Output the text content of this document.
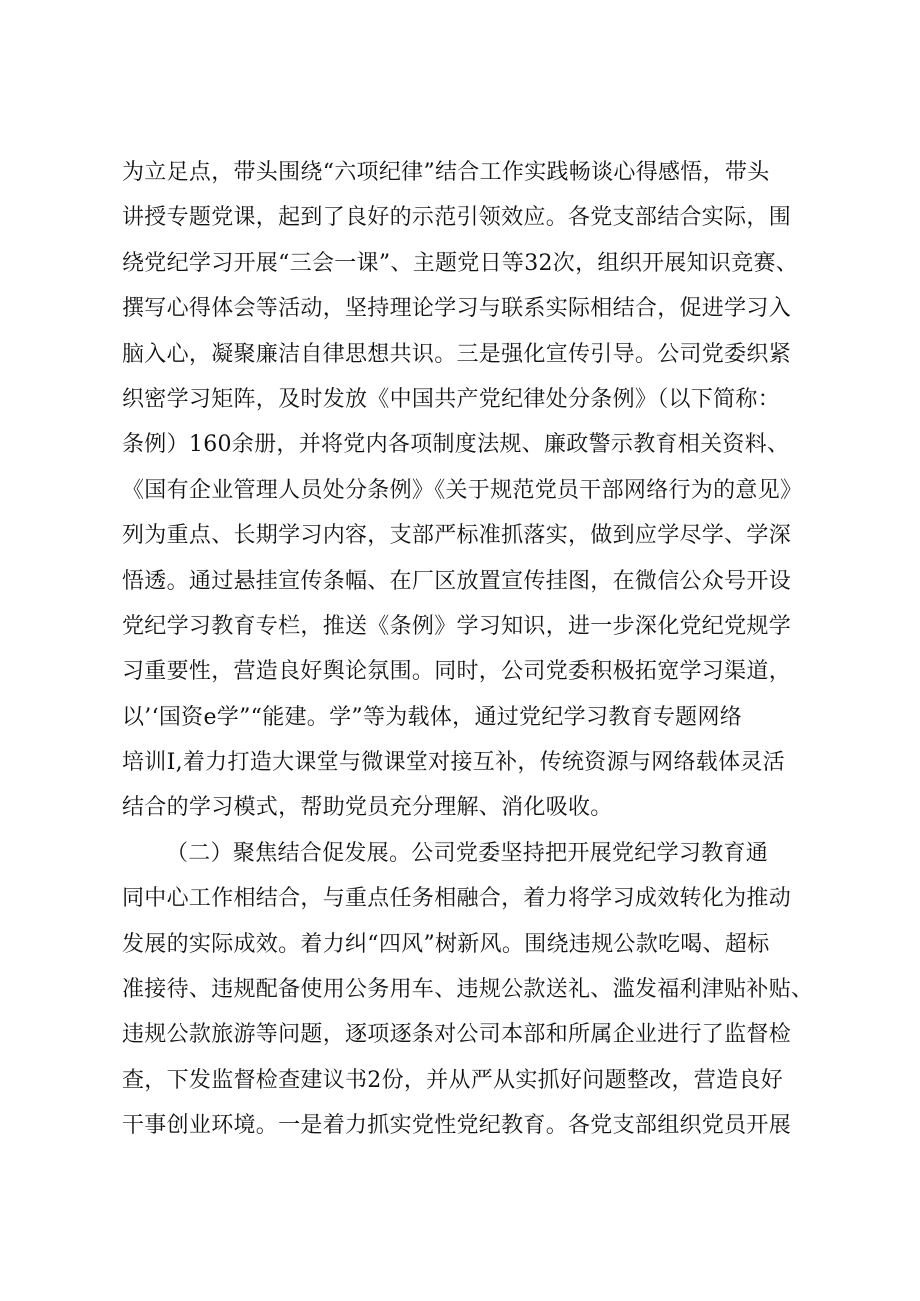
为立足点，带头围绕“六项纪律”结合工作实践畅谈心得感悟，带头
讲授专题党课，起到了良好的示范引领效应。各党支部结合实际，围
绕党纪学习开展“三会一课”、主题党日等32次，组织开展知识竞赛、
撰写心得体会等活动，坚持理论学习与联系实际相结合，促进学习入
脑入心，凝聚廉洁自律思想共识。三是强化宣传引导。公司党委织紧
织密学习矩阵，及时发放《中国共产党纪律处分条例》（以下简称：
条例）160余册，并将党内各项制度法规、廉政警示教育相关资料、
《国有企业管理人员处分条例》《关于规范党员干部网络行为的意见》
列为重点、长期学习内容，支部严标准抓落实，做到应学尽学、学深
悟透。通过悬挂宣传条幅、在厂区放置宣传挂图，在微信公众号开设
党纪学习教育专栏，推送《条例》学习知识，进一步深化党纪党规学
习重要性，营造良好舆论氛围。同时，公司党委积极拓宽学习渠道，
以’‘国资e学”“能建。学”等为载体，通过党纪学习教育专题网络
培训I,着力打造大课堂与微课堂对接互补，传统资源与网络载体灵活
结合的学习模式，帮助党员充分理解、消化吸收。
（二）聚焦结合促发展。公司党委坚持把开展党纪学习教育通
同中心工作相结合，与重点任务相融合，着力将学习成效转化为推动
发展的实际成效。着力纠“四风”树新风。围绕违规公款吃喝、超标
准接待、违规配备使用公务用车、违规公款送礼、滥发福利津贴补贴、
违规公款旅游等问题，逐项逐条对公司本部和所属企业进行了监督检
查，下发监督检查建议书2份，并从严从实抓好问题整改，营造良好
干事创业环境。一是着力抓实党性党纪教育。各党支部组织党员开展
